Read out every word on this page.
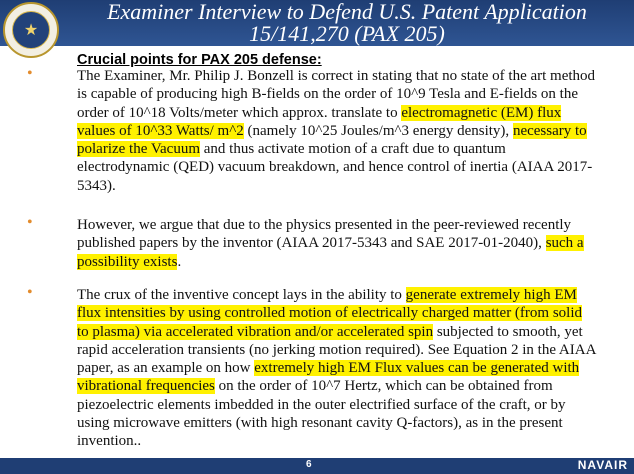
Examiner Interview to Defend U.S. Patent Application
15/141,270 (PAX 205)
★
Crucial points for PAX 205 defense:
•	The Examiner, Mr. Philip J. Bonzell is correct in stating that no state of the art method is capable of producing high B-fields on the order of 10^9 Tesla and E-fields on the order of 10^18 Volts/meter which approx. translate to electromagnetic (EM) flux values of 10^33 Watts/ m^2 (namely 10^25 Joules/m^3 energy density), necessary to polarize the Vacuum and thus activate motion of a craft due to quantum electrodynamic (QED) vacuum breakdown, and hence control of inertia (AIAA 2017-5343).
•	However, we argue that due to the physics presented in the peer-reviewed recently published papers by the inventor (AIAA 2017-5343 and SAE 2017-01-2040), such a possibility exists.
•	The crux of the inventive concept lays in the ability to generate extremely high EM flux intensities by using controlled motion of electrically charged matter (from solid to plasma) via accelerated vibration and/or accelerated spin subjected to smooth, yet rapid acceleration transients (no jerking motion required). See Equation 2 in the AIAA paper, as an example on how extremely high EM Flux values can be generated with vibrational frequencies on the order of 10^7 Hertz, which can be obtained from piezoelectric elements imbedded in the outer electrified surface of the craft, or by using microwave emitters (with high resonant cavity Q-factors), as in the present invention..
6	NAVAIR
